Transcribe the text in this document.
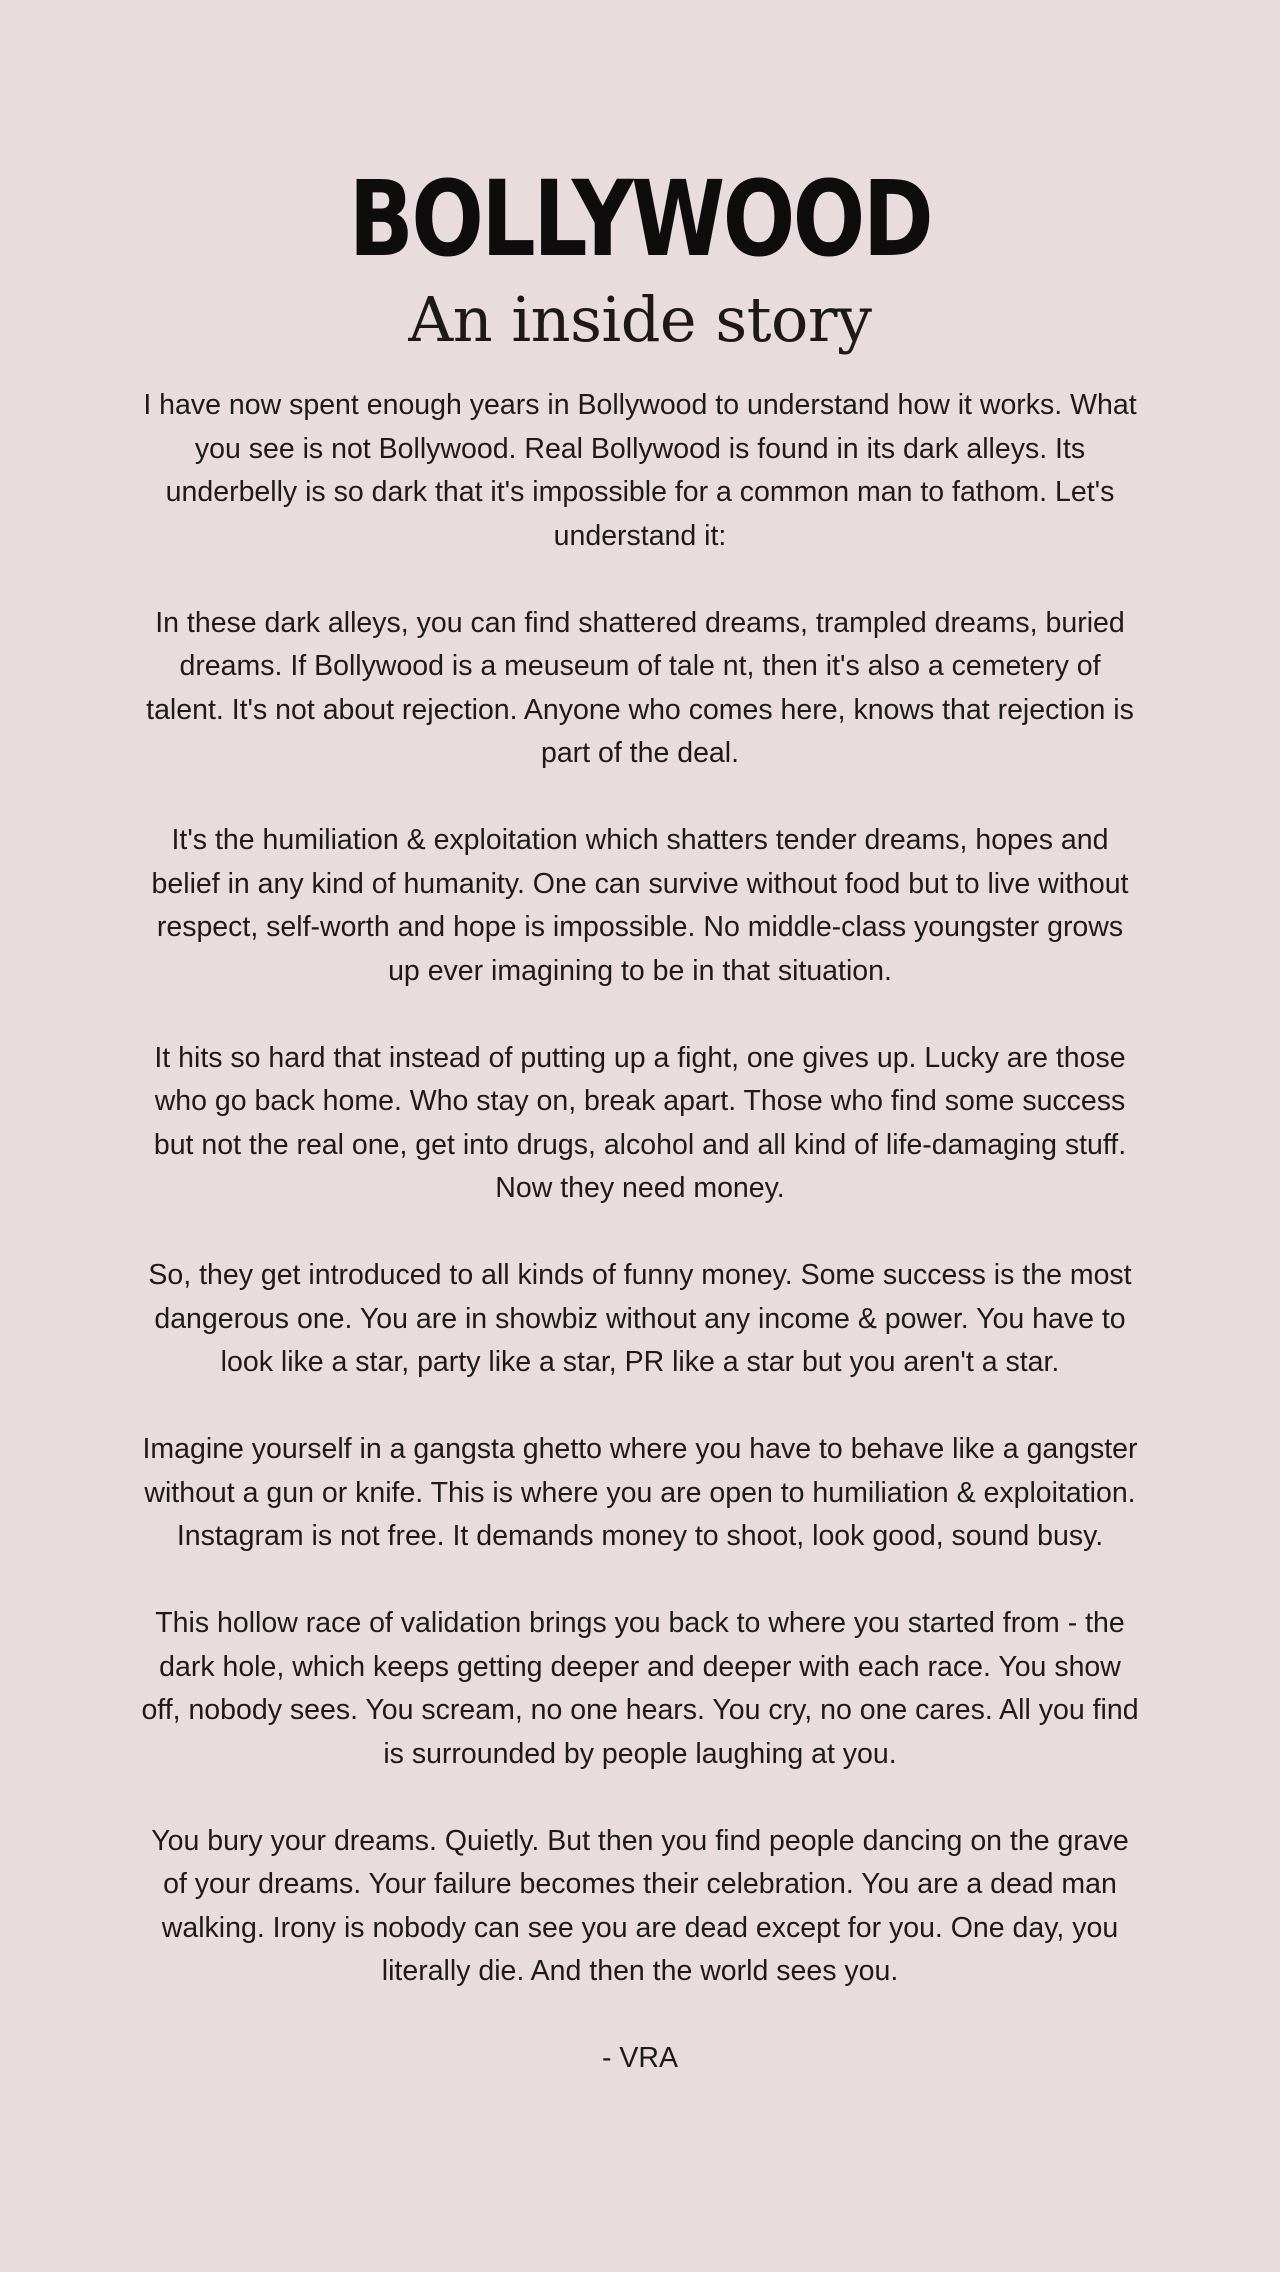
BOLLYWOOD
An inside story

I have now spent enough years in Bollywood to understand how it works. What you see is not Bollywood. Real Bollywood is found in its dark alleys. Its underbelly is so dark that it's impossible for a common man to fathom. Let's understand it:

In these dark alleys, you can find shattered dreams, trampled dreams, buried dreams. If Bollywood is a meuseum of tale nt, then it's also a cemetery of talent. It's not about rejection. Anyone who comes here, knows that rejection is part of the deal.

It's the humiliation & exploitation which shatters tender dreams, hopes and belief in any kind of humanity. One can survive without food but to live without respect, self-worth and hope is impossible. No middle-class youngster grows up ever imagining to be in that situation.

It hits so hard that instead of putting up a fight, one gives up. Lucky are those who go back home. Who stay on, break apart. Those who find some success but not the real one, get into drugs, alcohol and all kind of life-damaging stuff. Now they need money.

So, they get introduced to all kinds of funny money. Some success is the most dangerous one. You are in showbiz without any income & power. You have to look like a star, party like a star, PR like a star but you aren't a star.

Imagine yourself in a gangsta ghetto where you have to behave like a gangster without a gun or knife. This is where you are open to humiliation & exploitation. Instagram is not free. It demands money to shoot, look good, sound busy.

This hollow race of validation brings you back to where you started from - the dark hole, which keeps getting deeper and deeper with each race. You show off, nobody sees. You scream, no one hears. You cry, no one cares. All you find is surrounded by people laughing at you.

You bury your dreams. Quietly. But then you find people dancing on the grave of your dreams. Your failure becomes their celebration. You are a dead man walking. Irony is nobody can see you are dead except for you. One day, you literally die. And then the world sees you.

- VRA
